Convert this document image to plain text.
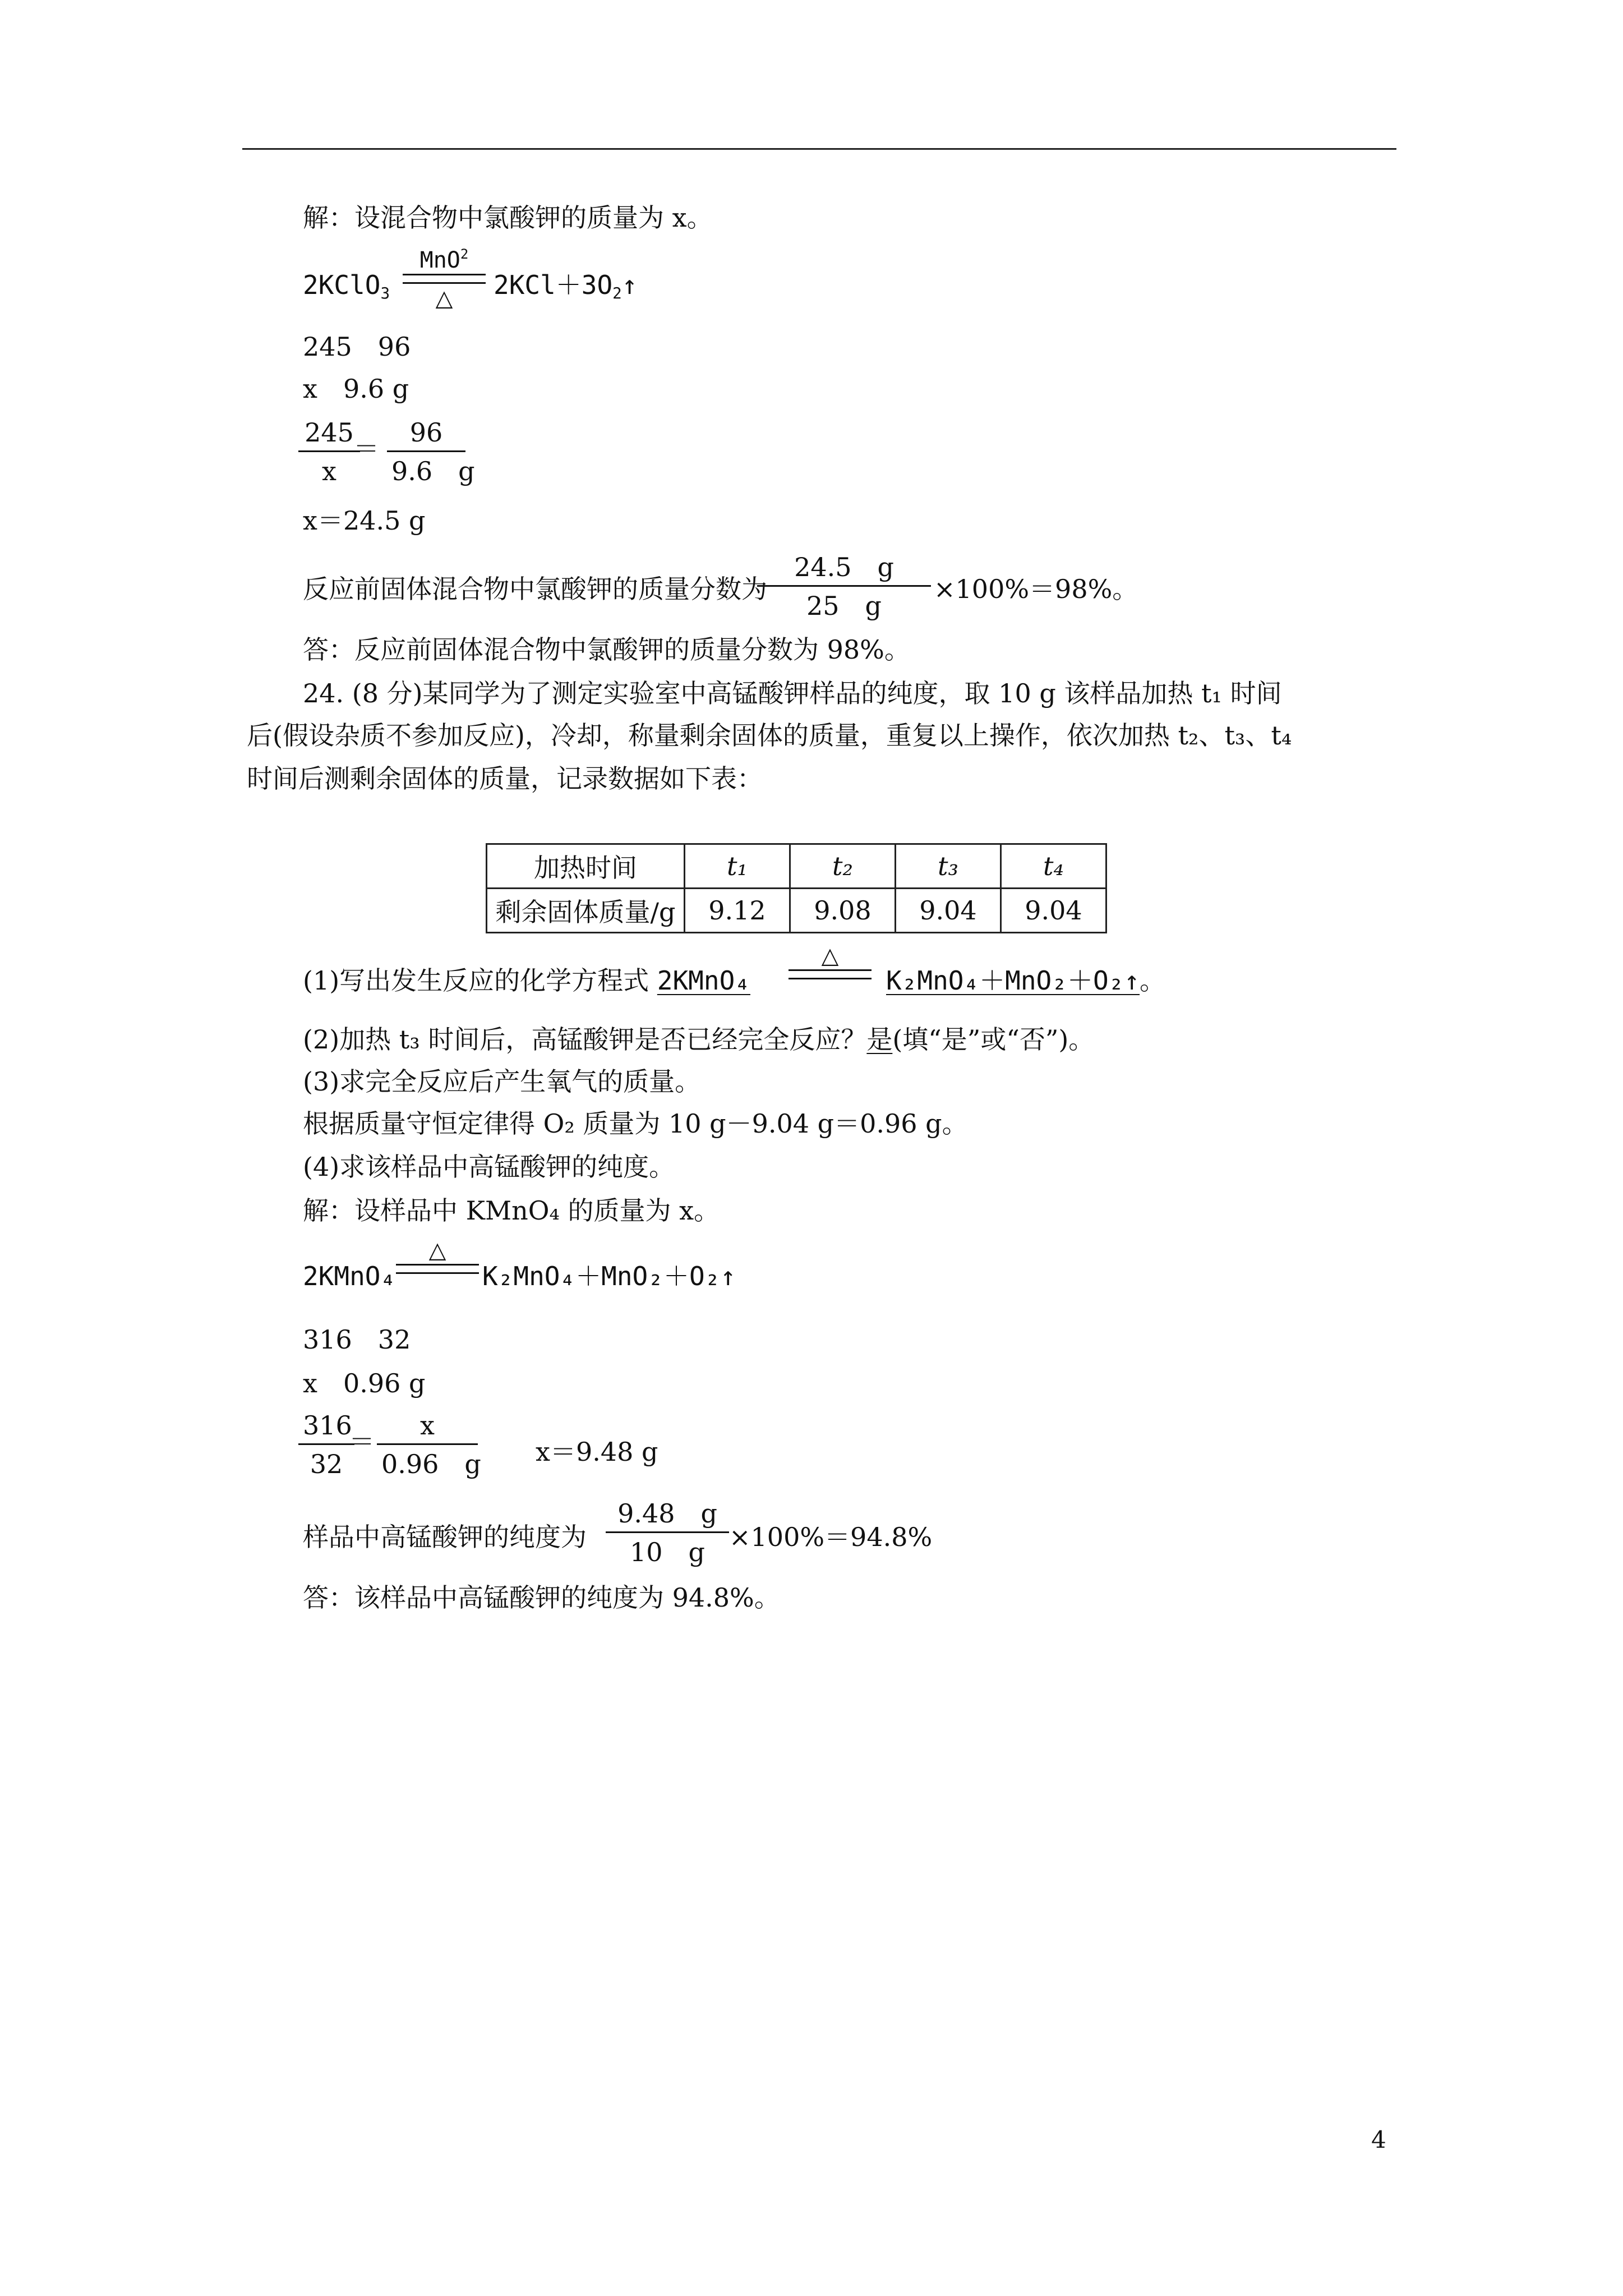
解：设混合物中氯酸钾的质量为 x。
2KClO$_3$
MnO$^2$
△	$2KCl+3O_2↑$
245　96
x　9.6 g
$\frac{245}{x}$
＝ $\frac{96}{9.6 g}$
x＝24.5 g
反应前固体混合物中氯酸钾的质量分数为
$\frac{24.5 g}{25 g} \times 100\%=98\%$。
答：反应前固体混合物中氯酸钾的质量分数为 98%。
24. (8 分)某同学为了测定实验室中高锰酸钾样品的纯度，取 10 g 该样品加热 t₁ 时间
后(假设杂质不参加反应)，冷却，称量剩余固体的质量，重复以上操作，依次加热 t₂、t₃、t₄
时间后测剩余固体的质量，记录数据如下表：
加热时间	t₁	t₂	t₃	t₄
剩余固体质量/g	9.12	9.08	9.04	9.04
(1)写出发生反应的化学方程式 2KMnO₄
△
K₂MnO₄＋MnO₂＋O₂↑。
(2)加热 t₃ 时间后，高锰酸钾是否已经完全反应？是(填“是”或“否”)。
(3)求完全反应后产生氧气的质量。
根据质量守恒定律得 O₂ 质量为 10 g－9.04 g＝0.96 g。
(4)求该样品中高锰酸钾的纯度。
解：设样品中 KMnO₄ 的质量为 x。
2KMnO₄
△
K₂MnO₄＋MnO₂＋O₂↑
316　32
x　0.96 g
$\frac{316}{32}$
＝ $\frac{x}{0.96 g} x=9.48$ g
样品中高锰酸钾的纯度为 $\frac{9.48 g}{10 g} \times 100\%=94.8\%$
答：该样品中高锰酸钾的纯度为 94.8%。
4
